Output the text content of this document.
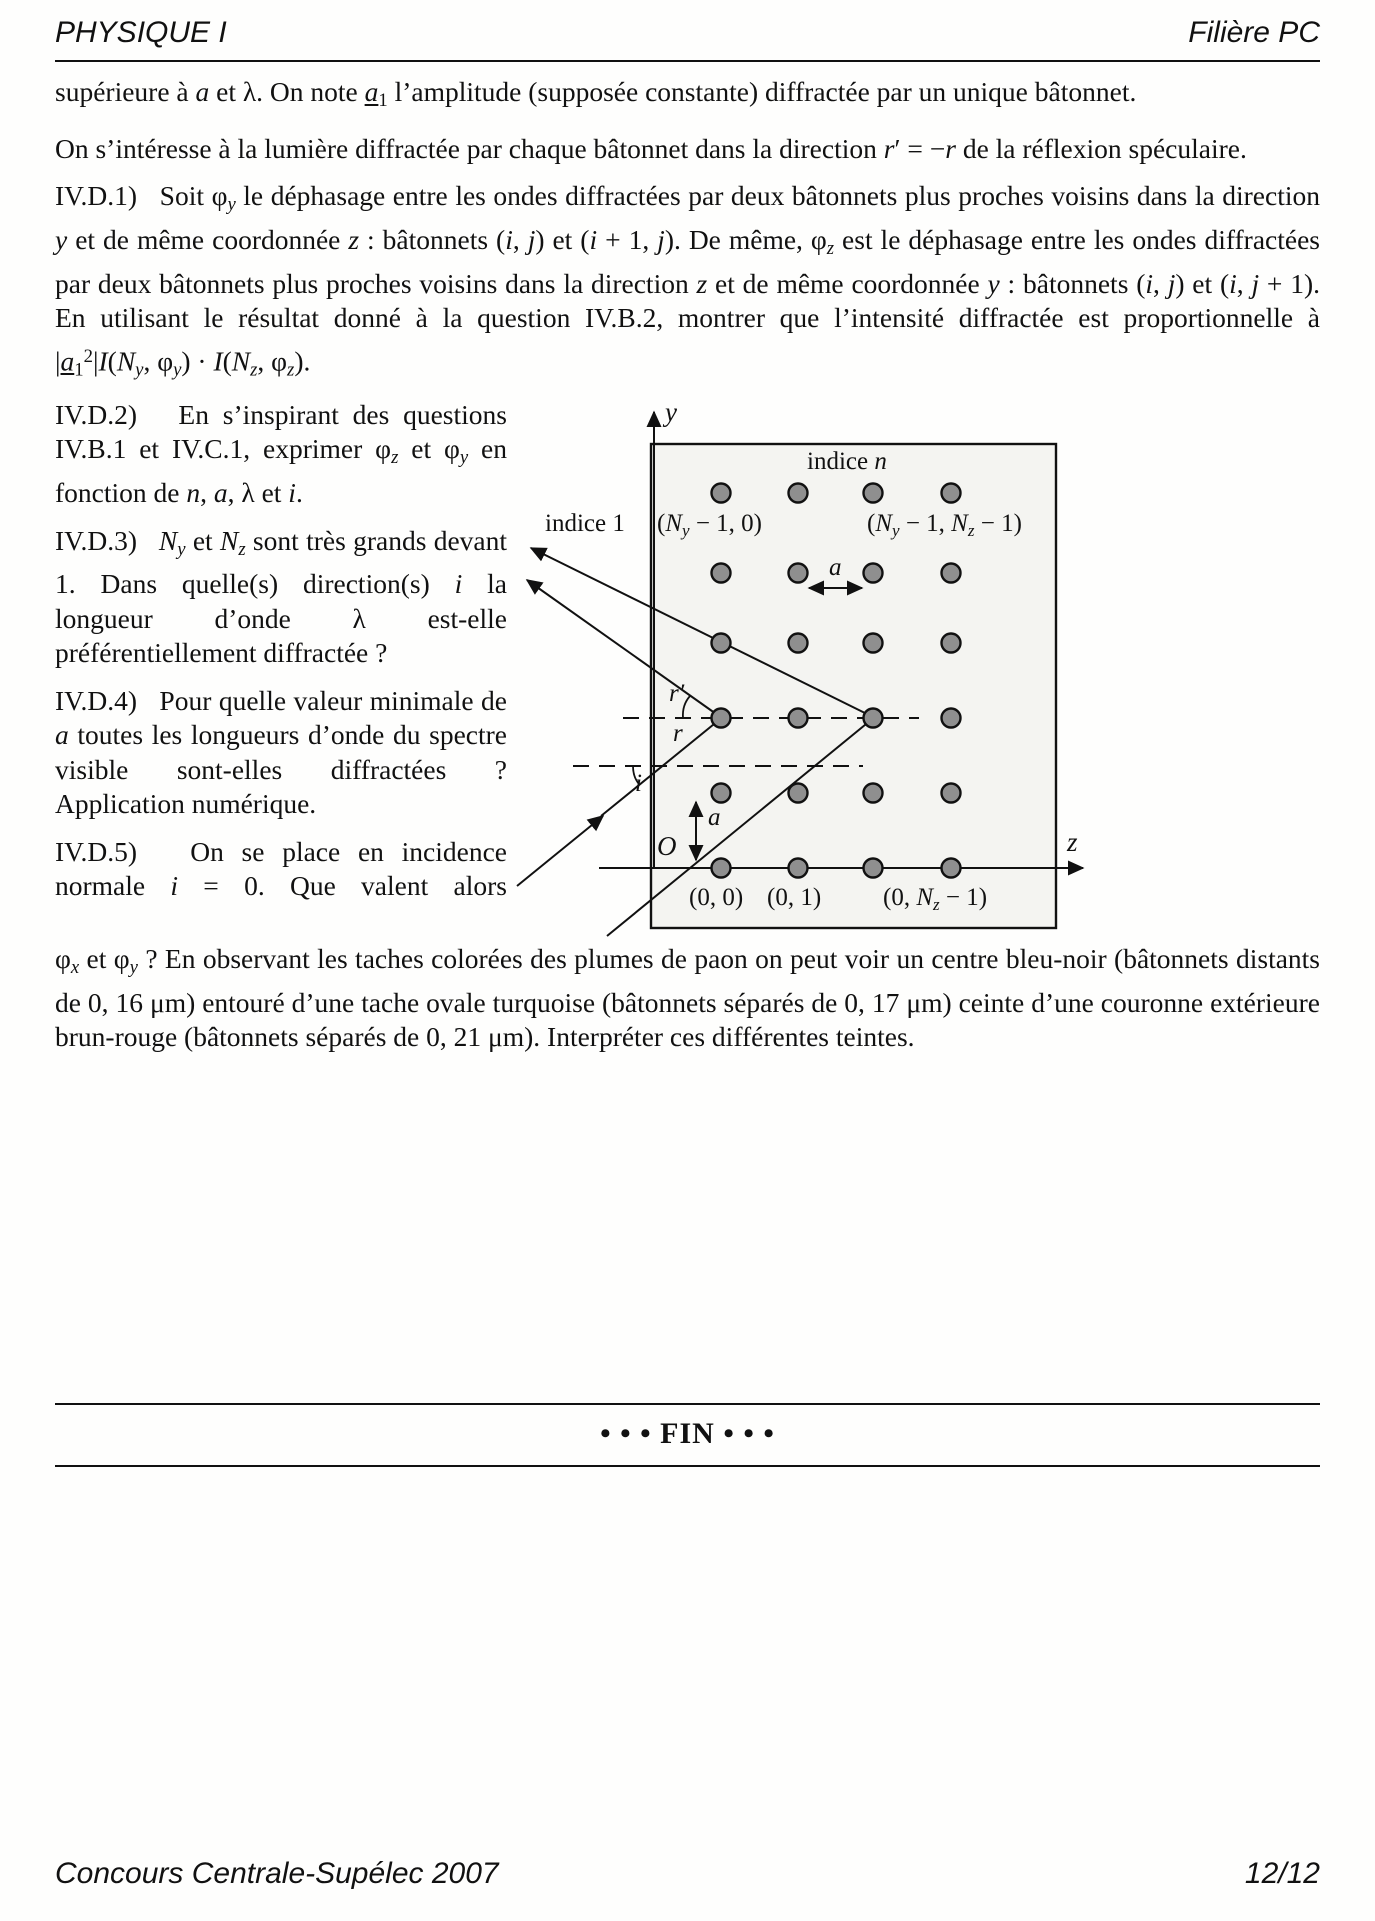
PHYSIQUE I	Filière PC

supérieure à a et λ. On note $a_1$ l’amplitude (supposée constante) diffractée par un unique bâtonnet.

On s’intéresse à la lumière diffractée par chaque bâtonnet dans la direction r′ = −r de la réflexion spéculaire.

IV.D.1)   Soit $\varphi_y$ le déphasage entre les ondes diffractées par deux bâtonnets plus proches voisins dans la direction y et de même coordonnée z : bâtonnets (i, j) et (i + 1, j). De même, $\varphi_z$ est le déphasage entre les ondes diffractées par deux bâtonnets plus proches voisins dans la direction z et de même coordonnée y : bâtonnets (i, j) et (i, j + 1). En utilisant le résultat donné à la question IV.B.2, montrer que l’intensité diffractée est proportionnelle à

$|a_1^2|I(N_y$, $\varphi_y) \cdot I(N_z$, $\varphi_z$).

IV.D.2)   En s’inspirant des questions IV.B.1 et IV.C.1, exprimer $\varphi_z$ et $\varphi_y$ en fonction de n, a, λ et i.

IV.D.3)   $N_y$ et $N_z$ sont très grands devant 1. Dans quelle(s) direction(s) i la longueur d’onde λ est-elle préférentiellement diffractée ?

IV.D.4)   Pour quelle valeur minimale de a toutes les longueurs d’onde du spectre visible sont-elles diffractées ? Application numérique.

IV.D.5)   On se place en incidence normale i = 0. Que valent alors

y
z
O
indice n
indice 1 ($N_y - 1$, 0)	($N_y - 1$, $N_z - 1$)
(0, 0) (0, 1) (0, $N_z - 1$)
a
a
r′
r
i

$\varphi_x$ et $\varphi_y$ ? En observant les taches colorées des plumes de paon on peut voir un centre bleu-noir (bâtonnets distants de 0, 16 μm) entouré d’une tache ovale turquoise (bâtonnets séparés de 0, 17 μm) ceinte d’une couronne extérieure brun-rouge (bâtonnets séparés de 0, 21 μm). Interpréter ces différentes teintes.

• • • FIN • • •
Concours Centrale-Supélec 2007	12/12
